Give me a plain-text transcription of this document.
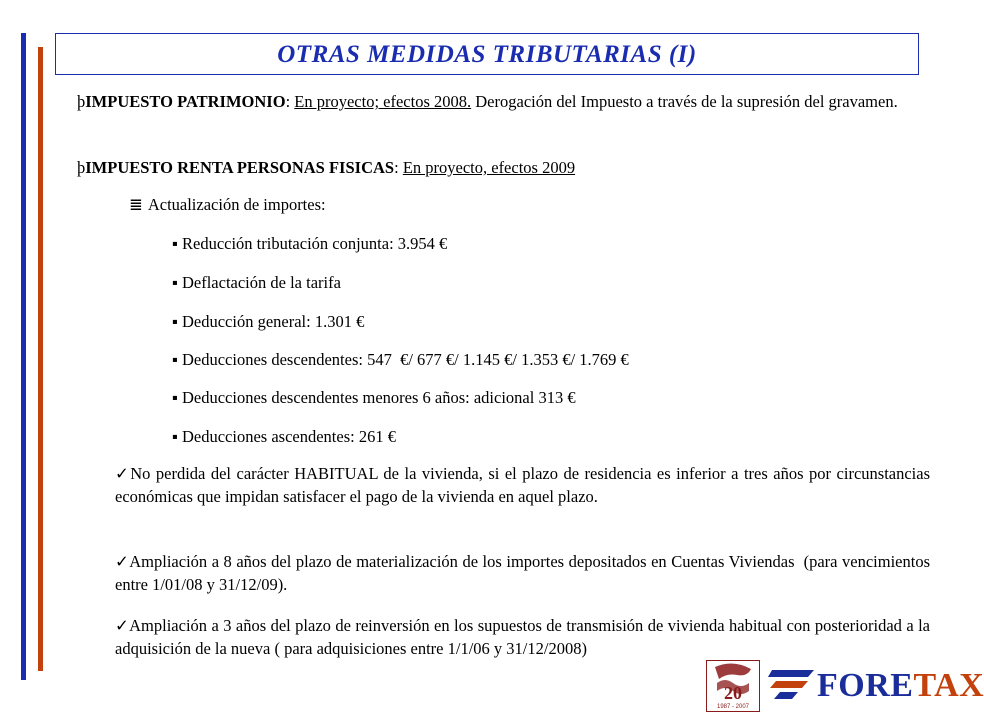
OTRAS MEDIDAS TRIBUTARIAS (I)
þIMPUESTO PATRIMONIO: En proyecto; efectos 2008. Derogación del Impuesto a través de la supresión del gravamen.
þIMPUESTO RENTA PERSONAS FISICAS: En proyecto, efectos 2009
≣ Actualización de importes:
▪ Reducción tributación conjunta: 3.954 €
▪ Deflactación de la tarifa
▪ Deducción general: 1.301 €
▪ Deducciones descendentes: 547  €/ 677 €/ 1.145 €/ 1.353 €/ 1.769 €
▪ Deducciones descendentes menores 6 años: adicional 313 €
▪ Deducciones ascendentes: 261 €
✓No perdida del carácter HABITUAL de la vivienda, si el plazo de residencia es inferior a tres años por circunstancias económicas que impidan satisfacer el pago de la vivienda en aquel plazo.
✓Ampliación a 8 años del plazo de materialización de los importes depositados en Cuentas Viviendas  (para vencimientos entre 1/01/08 y 31/12/09).
✓Ampliación a 3 años del plazo de reinversión en los supuestos de transmisión de vivienda habitual con posterioridad a la adquisición de la nueva ( para adquisiciones entre 1/1/06 y 31/12/2008)
20
1987 - 2007
FORETAX
